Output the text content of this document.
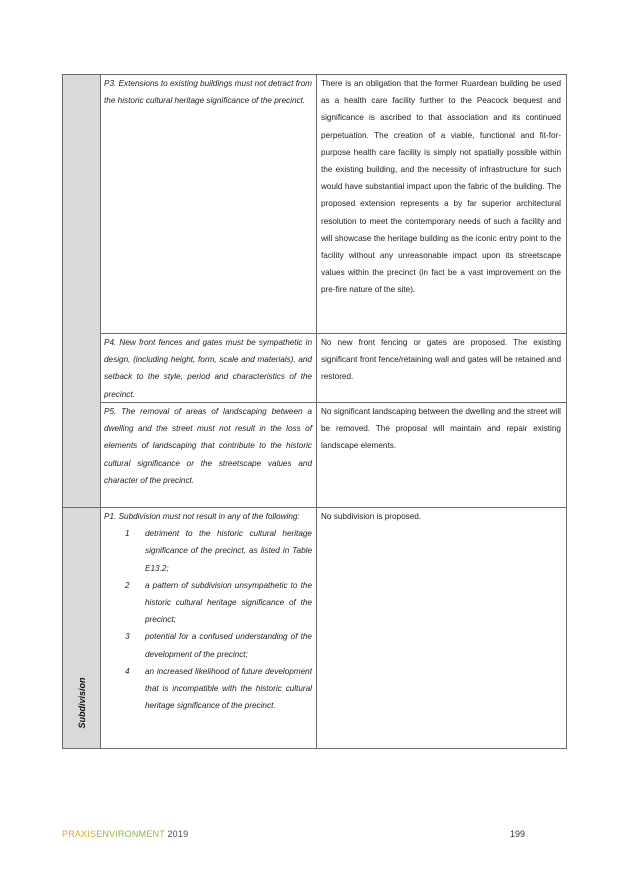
P3. Extensions to existing buildings must not detract from the historic cultural heritage significance of the precinct.
There is an obligation that the former Ruardean building be used as a health care facility further to the Peacock bequest and significance is ascribed to that association and its continued perpetuation. The creation of a viable, functional and fit-for-purpose health care facility is simply not spatially possible within the existing building, and the necessity of infrastructure for such would have substantial impact upon the fabric of the building. The proposed extension represents a by far superior architectural resolution to meet the contemporary needs of such a facility and will showcase the heritage building as the iconic entry point to the facility without any unreasonable impact upon its streetscape values within the precinct (in fact be a vast improvement on the pre-fire nature of the site).
P4. New front fences and gates must be sympathetic in design, (including height, form, scale and materials), and setback to the style, period and characteristics of the precinct.
No new front fencing or gates are proposed. The existing significant front fence/retaining wall and gates will be retained and restored.
P5. The removal of areas of landscaping between a dwelling and the street must not result in the loss of elements of landscaping that contribute to the historic cultural significance or the streetscape values and character of the precinct.
No significant landscaping between the dwelling and the street will be removed. The proposal will maintain and repair existing landscape elements.
Subdivision
P1. Subdivision must not result in any of the following:
1 detriment to the historic cultural heritage significance of the precinct, as listed in Table E13.2;
2 a pattern of subdivision unsympathetic to the historic cultural heritage significance of the precinct;
3 potential for a confused understanding of the development of the precinct;
4 an increased likelihood of future development that is incompatible with the historic cultural heritage significance of the precinct.
No subdivision is proposed.
PRAXISENVIRONMENT 2019	199
